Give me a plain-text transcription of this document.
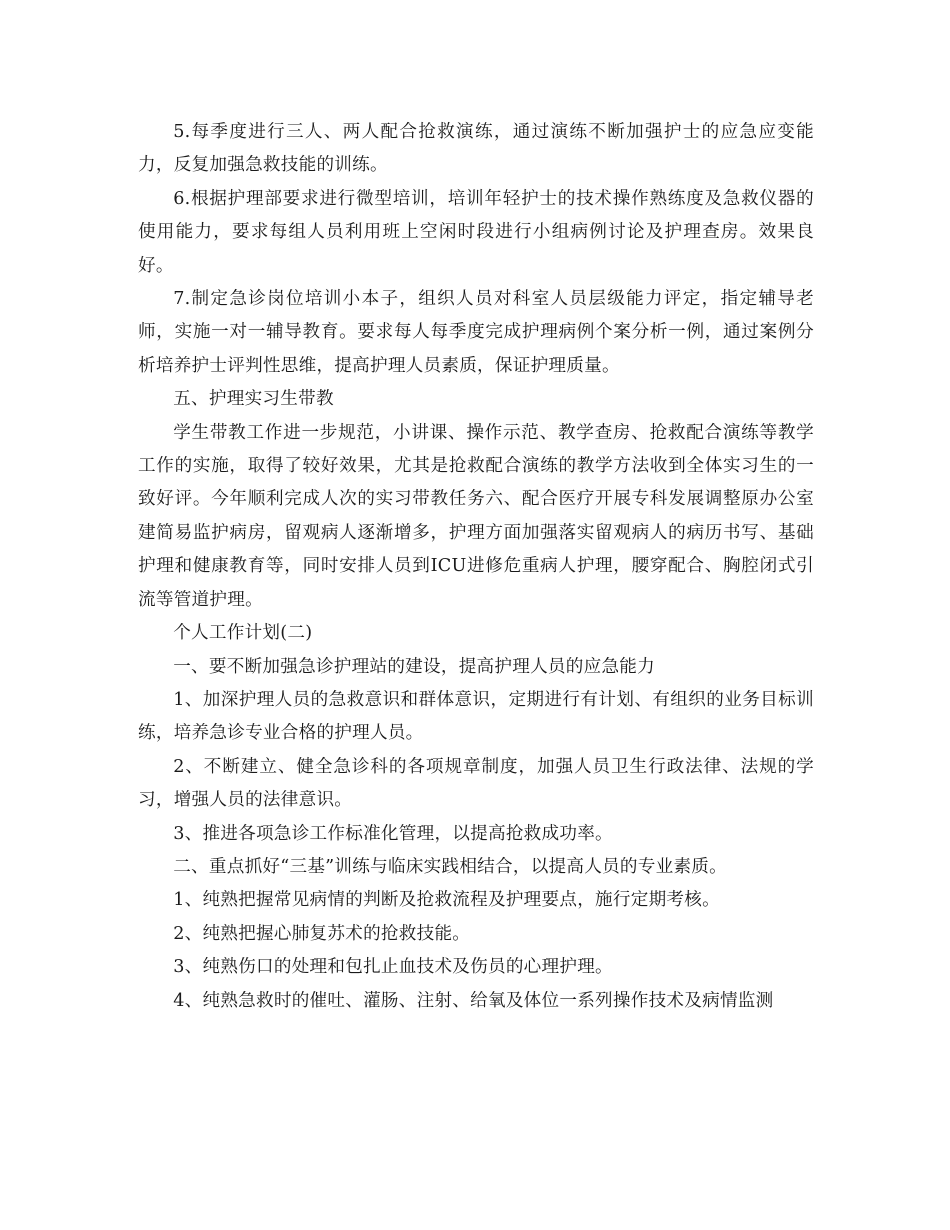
5.每季度进行三人、两人配合抢救演练，通过演练不断加强护士的应急应变能力，反复加强急救技能的训练。

6.根据护理部要求进行微型培训，培训年轻护士的技术操作熟练度及急救仪器的使用能力，要求每组人员利用班上空闲时段进行小组病例讨论及护理查房。效果良好。

7.制定急诊岗位培训小本子，组织人员对科室人员层级能力评定，指定辅导老师，实施一对一辅导教育。要求每人每季度完成护理病例个案分析一例，通过案例分析培养护士评判性思维，提高护理人员素质，保证护理质量。

五、护理实习生带教

学生带教工作进一步规范，小讲课、操作示范、教学查房、抢救配合演练等教学工作的实施，取得了较好效果，尤其是抢救配合演练的教学方法收到全体实习生的一致好评。今年顺利完成人次的实习带教任务六、配合医疗开展专科发展调整原办公室建简易监护病房，留观病人逐渐增多，护理方面加强落实留观病人的病历书写、基础护理和健康教育等，同时安排人员到ICU进修危重病人护理，腰穿配合、胸腔闭式引流等管道护理。

个人工作计划(二)

一、要不断加强急诊护理站的建设，提高护理人员的应急能力

1、加深护理人员的急救意识和群体意识，定期进行有计划、有组织的业务目标训练，培养急诊专业合格的护理人员。

2、不断建立、健全急诊科的各项规章制度，加强人员卫生行政法律、法规的学习，增强人员的法律意识。

3、推进各项急诊工作标准化管理，以提高抢救成功率。

二、重点抓好“三基”训练与临床实践相结合，以提高人员的专业素质。

1、纯熟把握常见病情的判断及抢救流程及护理要点，施行定期考核。

2、纯熟把握心肺复苏术的抢救技能。

3、纯熟伤口的处理和包扎止血技术及伤员的心理护理。

4、纯熟急救时的催吐、灌肠、注射、给氧及体位一系列操作技术及病情监测
